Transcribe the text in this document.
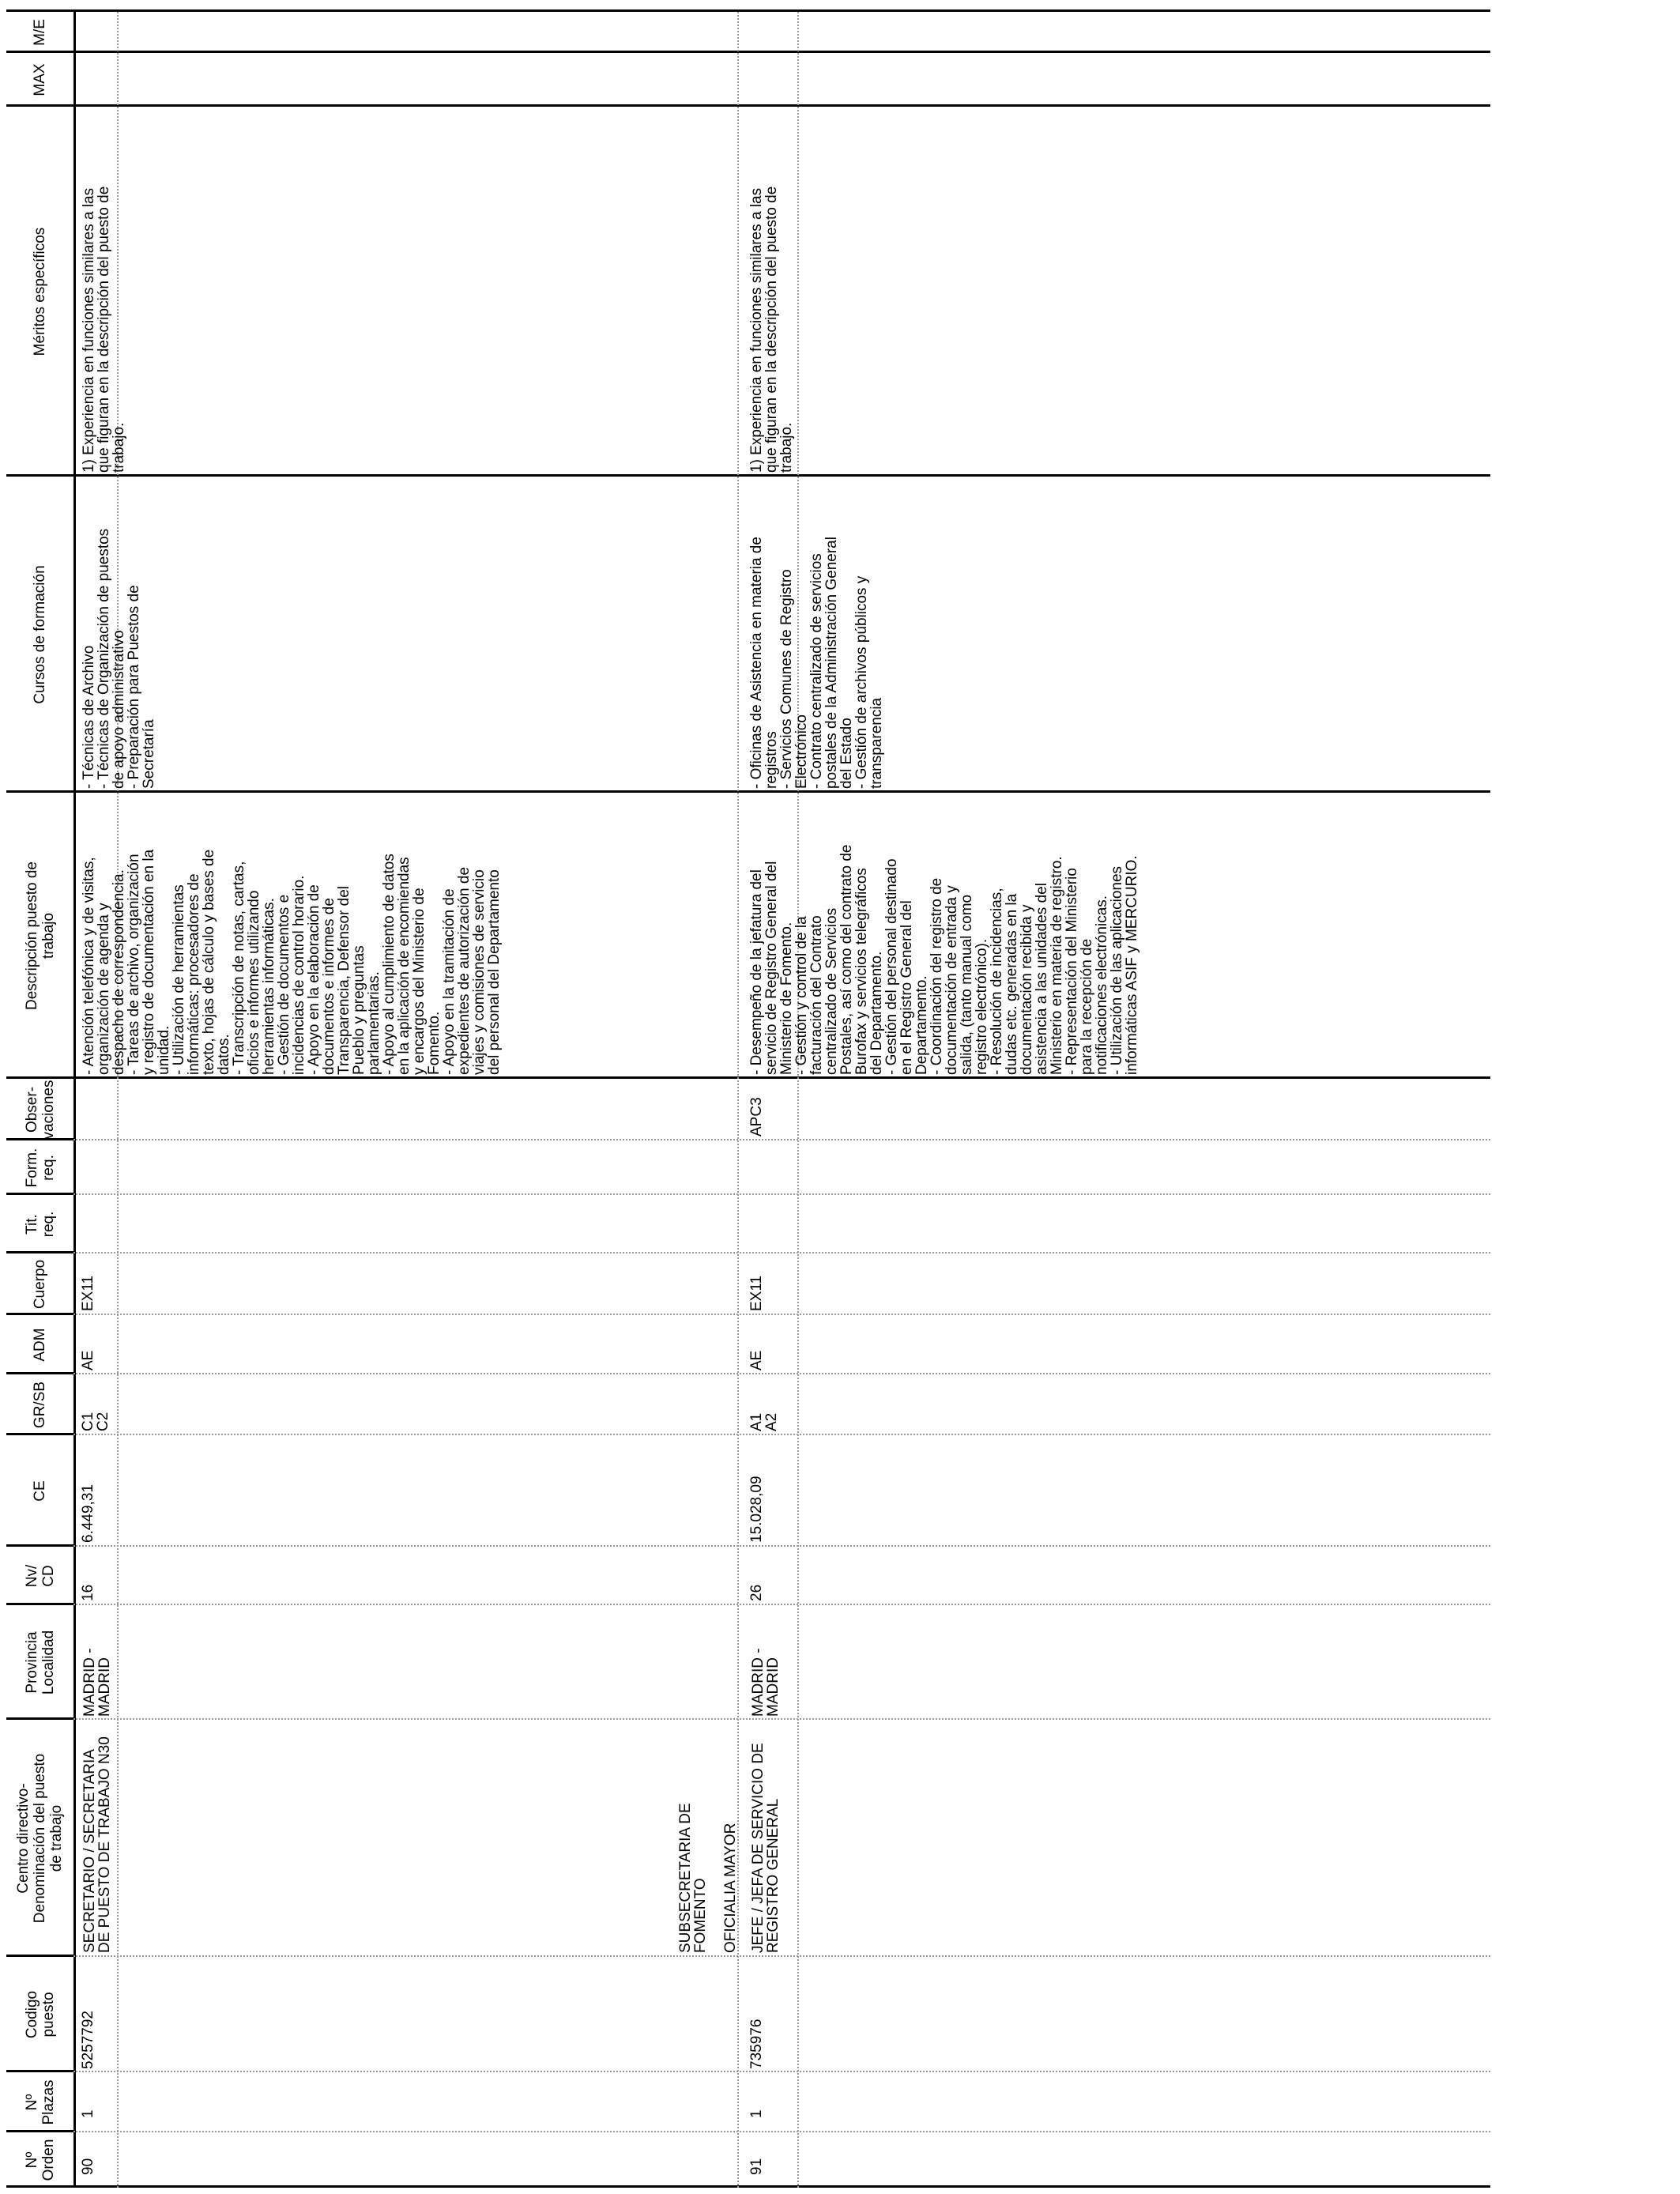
Nº
Orden
Nº
Plazas
Codigo
puesto
Centro directivo-
Denominación del puesto
de trabajo
Provincia
Localidad
Nv/
CD
CE
GR/SB
ADM
Cuerpo
Tit.
req.
Form.
req.
Obser-
vaciones
Descripción puesto de
trabajo
Cursos de formación
Méritos específicos
MAX
M/E
SUBSECRETARIA DE
FOMENTO OFICIALIA MAYOR
90
1
5257792
SECRETARIO / SECRETARIA
DE PUESTO DE TRABAJO N30
MADRID -
MADRID
16
6.449,31
C1
C2
AE
EX11
- Atención telefónica y de visitas,
organización de agenda y
despacho de correspondencia.
- Tareas de archivo, organización
y registro de documentación en la
unidad.
- Utilización de herramientas
informáticas: procesadores de
texto, hojas de cálculo y bases de
datos.
- Transcripción de notas, cartas,
oficios e informes utilizando
herramientas informáticas.
- Gestión de documentos e
incidencias de control horario.
- Apoyo en la elaboración de
documentos e informes de
Transparencia, Defensor del
Pueblo y preguntas
parlamentarias.
- Apoyo al cumplimiento de datos
en la aplicación de encomiendas
y encargos del Ministerio de
Fomento.
- Apoyo en la tramitación de
expedientes de autorización de
viajes y comisiones de servicio
del personal del Departamento
- Técnicas de Archivo
- Técnicas de Organización de puestos
de apoyo administrativo
- Preparación para Puestos de
Secretaría
1) Experiencia en funciones similares a las
que figuran en la descripción del puesto de
trabajo.
91
1
735976
JEFE / JEFA DE SERVICIO DE
REGISTRO GENERAL
MADRID -
MADRID
26
15.028,09
A1
A2
AE
EX11
APC3
- Desempeño de la jefatura del
servicio de Registro General del
Ministerio de Fomento.
- Gestión y control de la
facturación del Contrato
centralizado de Servicios
Postales, así como del contrato de
Burofax y servicios telegráficos
del Departamento.
- Gestión del personal destinado
en el Registro General del
Departamento.
- Coordinación del registro de
documentación de entrada y
salida, (tanto manual como
registro electrónico).
- Resolución de incidencias,
dudas etc. generadas en la
documentación recibida y
asistencia a las unidades del
Ministerio en materia de registro.
- Representación del Ministerio
para la recepción de
notificaciones electrónicas.
- Utilización de las aplicaciones
informáticas ASIF y MERCURIO.
- Oficinas de Asistencia en materia de
registros
- Servicios Comunes de Registro
Electrónico
- Contrato centralizado de servicios
postales de la Administración General
del Estado
- Gestión de archivos públicos y
transparencia
1) Experiencia en funciones similares a las
que figuran en la descripción del puesto de
trabajo.
